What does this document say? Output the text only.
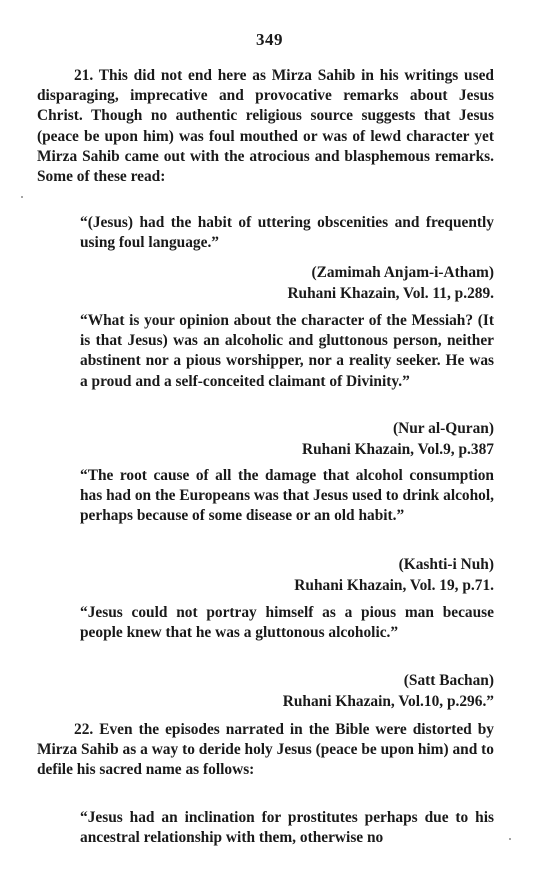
349

21. This did not end here as Mirza Sahib in his writings used disparaging, imprecative and provocative remarks about Jesus Christ. Though no authentic religious source suggests that Jesus (peace be upon him) was foul mouthed or was of lewd character yet Mirza Sahib came out with the atrocious and blasphemous remarks. Some of these read:

“(Jesus) had the habit of uttering obscenities and frequently using foul language.”

(Zamimah Anjam-i-Atham)
Ruhani Khazain, Vol. 11, p.289.

“What is your opinion about the character of the Messiah? (It is that Jesus) was an alcoholic and gluttonous person, neither abstinent nor a pious worshipper, nor a reality seeker. He was a proud and a self-conceited claimant of Divinity.”

(Nur al-Quran)
Ruhani Khazain, Vol.9, p.387

“The root cause of all the damage that alcohol consumption has had on the Europeans was that Jesus used to drink alcohol, perhaps because of some disease or an old habit.”

(Kashti-i Nuh)
Ruhani Khazain, Vol. 19, p.71.

“Jesus could not portray himself as a pious man because people knew that he was a gluttonous alcoholic.”

(Satt Bachan)
Ruhani Khazain, Vol.10, p.296.”

22. Even the episodes narrated in the Bible were distorted by Mirza Sahib as a way to deride holy Jesus (peace be upon him) and to defile his sacred name as follows:

“Jesus had an inclination for prostitutes perhaps due to his ancestral relationship with them, otherwise no
